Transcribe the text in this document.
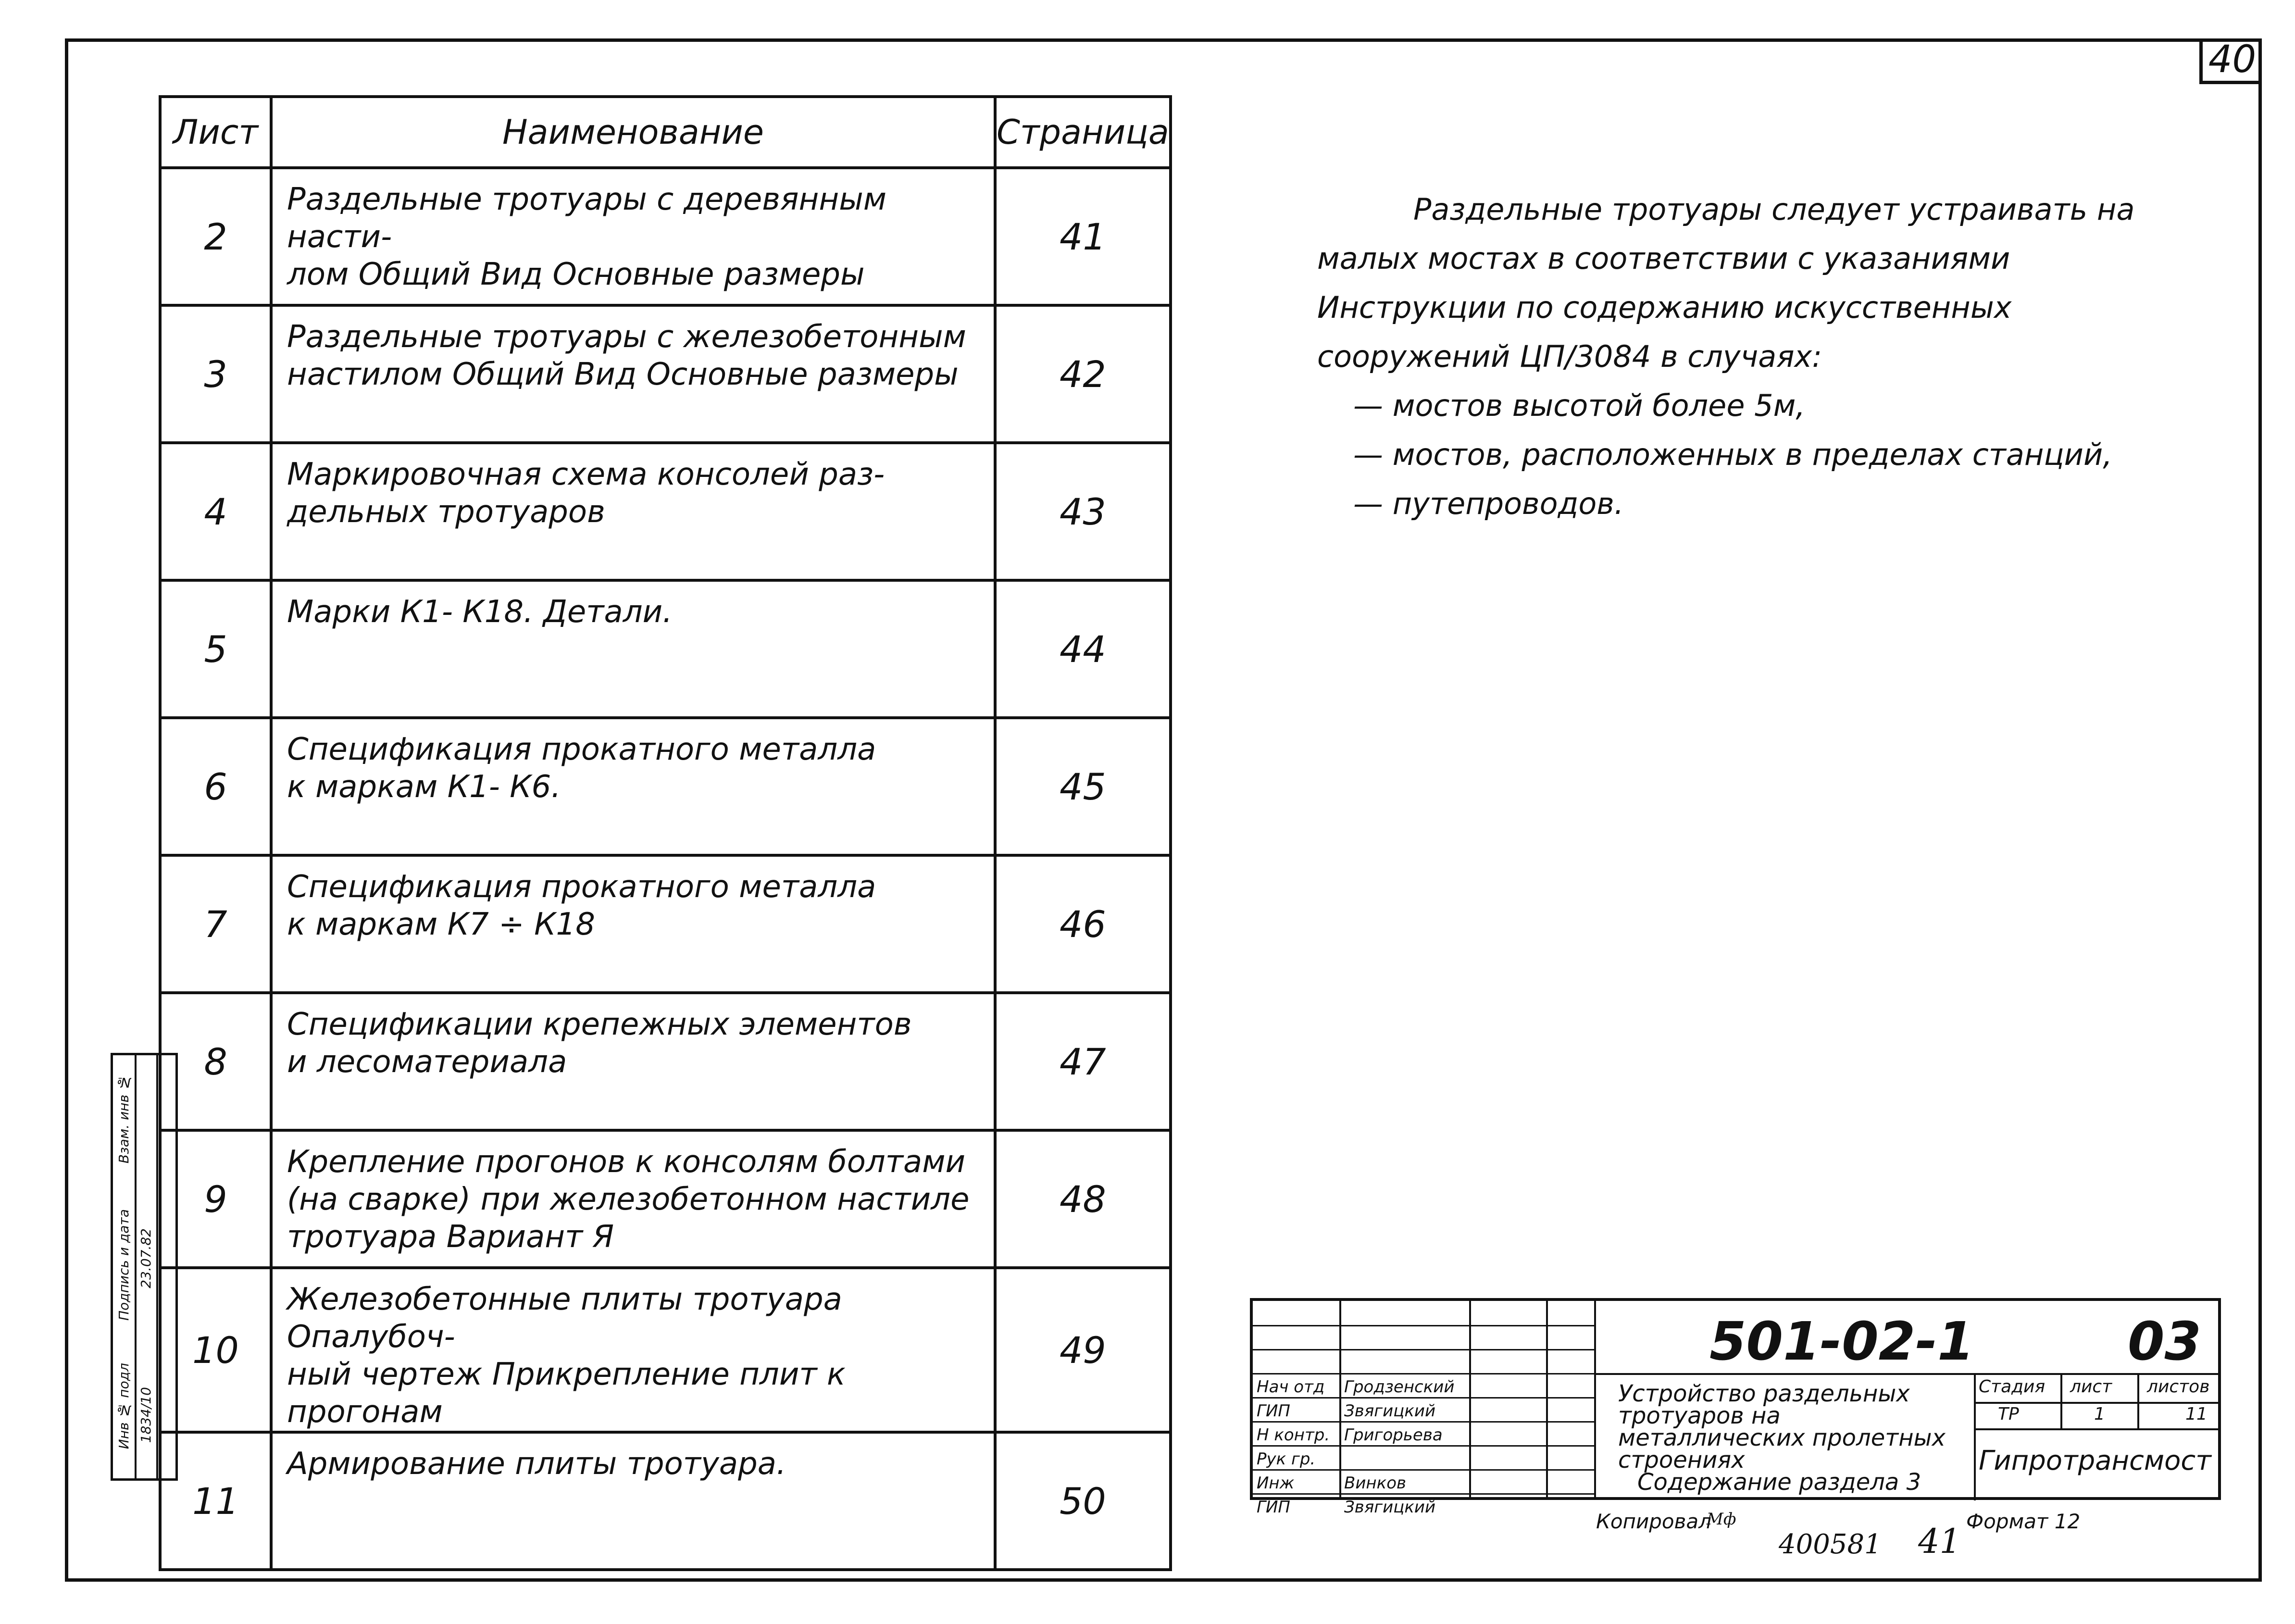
40
Лист	Наименование	Страница
2	Раздельные тротуары с деревянным насти-
лом Общий Вид Основные размеры	41
3	Раздельные тротуары с железобетонным
настилом Общий Вид Основные размеры	42
4	Маркировочная схема консолей раз-
дельных тротуаров	43
5	Марки К1- К18. Детали.	44
6	Спецификация прокатного металла
к маркам К1- К6.	45
7	Спецификация прокатного металла
к маркам К7 ÷ К18	46
8	Спецификации крепежных элементов
и лесоматериала	47
9	Крепление прогонов к консолям болтами
(на сварке) при железобетонном настиле
тротуара Вариант Я	48
10	Железобетонные плиты тротуара Опалубоч-
ный чертеж Прикрепление плит к прогонам	49
11	Армирование плиты тротуара.	50

Раздельные тротуары следует устраивать на малых мостах в соответствии с указаниями Инструкции по содержанию искусственных сооружений ЦП/3084 в случаях:

— мостов высотой более 5м,
— мостов, расположенных в пределах станций,
— путепроводов.
Инв № подл 1834/10
Подпись и дата 23.07.82
Взам. инв №
Нач отд Гродзенский
ГИП	Звягицкий
Н контр. Григорьева
Рук гр.
Инж	Винков
ГИП	Звягицкий
501-02-1	03
Устройство раздельных тротуаров на металлических пролетных строениях
Содержание раздела 3
Стадия лист листов
ТР	1	11
Гипротрансмост
Копировал
Мф
400581 41
Формат 12
